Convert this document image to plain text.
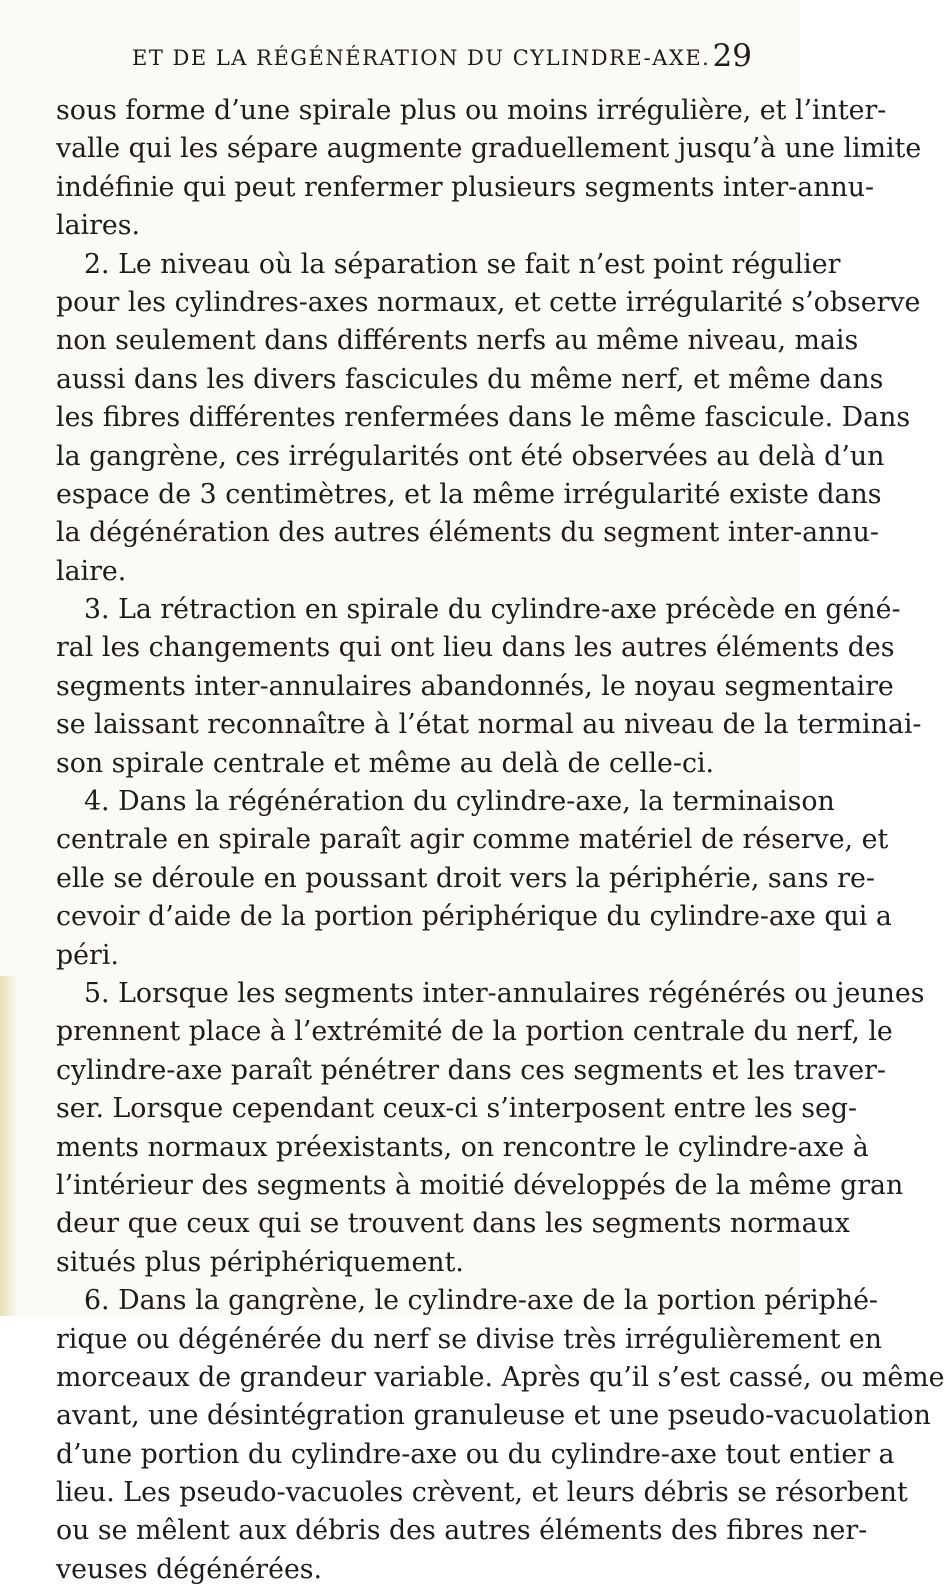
ET DE LA RÉGÉNÉRATION DU CYLINDRE-AXE. 29
sous forme d’une spirale plus ou moins irrégulière, et l’inter-
valle qui les sépare augmente graduellement jusqu’à une limite
indéfinie qui peut renfermer plusieurs segments inter-annu-
laires.
2. Le niveau où la séparation se fait n’est point régulier
pour les cylindres-axes normaux, et cette irrégularité s’observe
non seulement dans différents nerfs au même niveau, mais
aussi dans les divers fascicules du même nerf, et même dans
les fibres différentes renfermées dans le même fascicule. Dans
la gangrène, ces irrégularités ont été observées au delà d’un
espace de 3 centimètres, et la même irrégularité existe dans
la dégénération des autres éléments du segment inter-annu-
laire.
3. La rétraction en spirale du cylindre-axe précède en géné-
ral les changements qui ont lieu dans les autres éléments des
segments inter-annulaires abandonnés, le noyau segmentaire
se laissant reconnaître à l’état normal au niveau de la terminai-
son spirale centrale et même au delà de celle-ci.
4. Dans la régénération du cylindre-axe, la terminaison
centrale en spirale paraît agir comme matériel de réserve, et
elle se déroule en poussant droit vers la périphérie, sans re-
cevoir d’aide de la portion périphérique du cylindre-axe qui a
péri.
5. Lorsque les segments inter-annulaires régénérés ou jeunes
prennent place à l’extrémité de la portion centrale du nerf, le
cylindre-axe paraît pénétrer dans ces segments et les traver-
ser. Lorsque cependant ceux-ci s’interposent entre les seg-
ments normaux préexistants, on rencontre le cylindre-axe à
l’intérieur des segments à moitié développés de la même gran
deur que ceux qui se trouvent dans les segments normaux
situés plus périphériquement.
6. Dans la gangrène, le cylindre-axe de la portion périphé-
rique ou dégénérée du nerf se divise très irrégulièrement en
morceaux de grandeur variable. Après qu’il s’est cassé, ou même
avant, une désintégration granuleuse et une pseudo-vacuolation
d’une portion du cylindre-axe ou du cylindre-axe tout entier a
lieu. Les pseudo-vacuoles crèvent, et leurs débris se résorbent
ou se mêlent aux débris des autres éléments des fibres ner-
veuses dégénérées.
